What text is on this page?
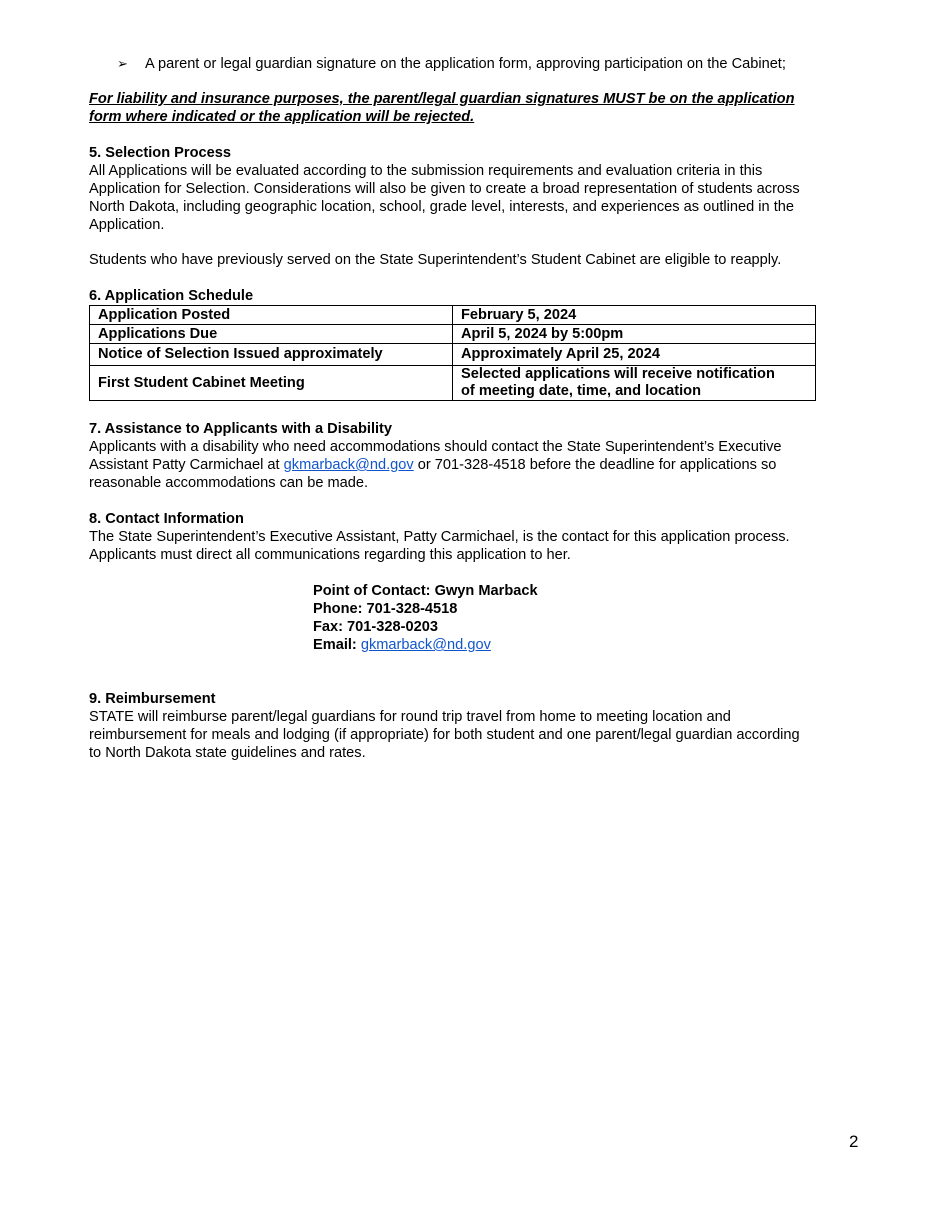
➢ A parent or legal guardian signature on the application form, approving participation on the Cabinet;
For liability and insurance purposes, the parent/legal guardian signatures MUST be on the application
form where indicated or the application will be rejected.
5. Selection Process

All Applications will be evaluated according to the submission requirements and evaluation criteria in this

Application for Selection. Considerations will also be given to create a broad representation of students across

North Dakota, including geographic location, school, grade level, interests, and experiences as outlined in the

Application.

Students who have previously served on the State Superintendent’s Student Cabinet are eligible to reapply.

6. Application Schedule
Application Posted	February 5, 2024
Applications Due	April 5, 2024 by 5:00pm
Notice of Selection Issued approximately	Approximately April 25, 2024
First Student Cabinet Meeting	Selected applications will receive notification
of meeting date, time, and location
7. Assistance to Applicants with a Disability

Applicants with a disability who need accommodations should contact the State Superintendent’s Executive

Assistant Patty Carmichael at gkmarback@nd.gov or 701-328-4518 before the deadline for applications so

reasonable accommodations can be made.

8. Contact Information

The State Superintendent’s Executive Assistant, Patty Carmichael, is the contact for this application process.

Applicants must direct all communications regarding this application to her.

Point of Contact: Gwyn Marback
Phone: 701-328-4518
Fax: 701-328-0203
Email: gkmarback@nd.gov
9. Reimbursement

STATE will reimburse parent/legal guardians for round trip travel from home to meeting location and

reimbursement for meals and lodging (if appropriate) for both student and one parent/legal guardian according

to North Dakota state guidelines and rates.

2
